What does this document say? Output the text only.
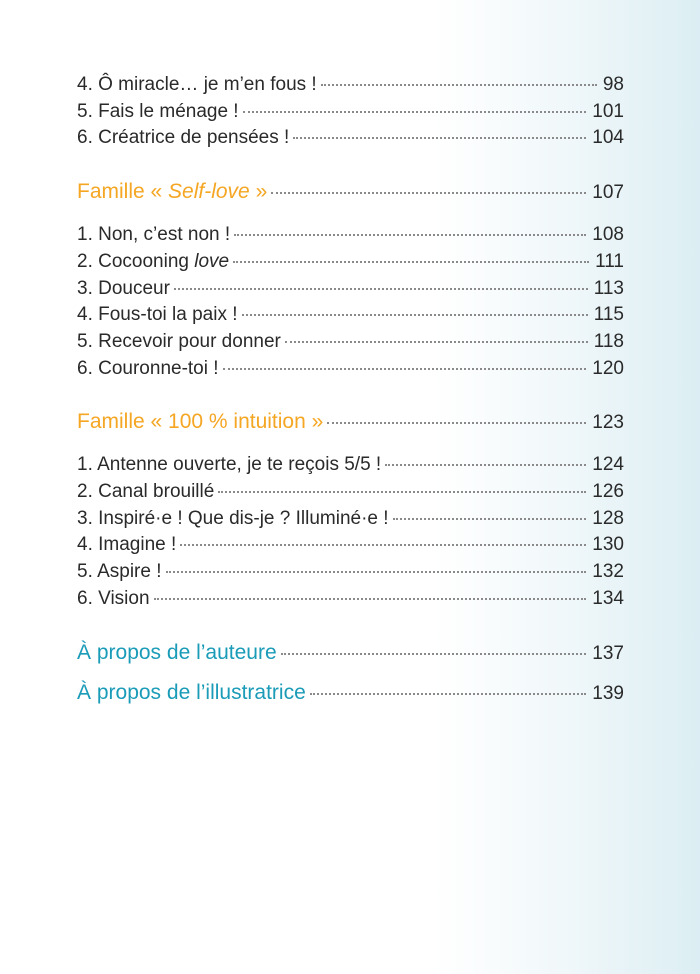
4. Ô miracle… je m’en fous !	98
5. Fais le ménage !	101
6. Créatrice de pensées !	104
Famille « Self-love »	107
1. Non, c’est non !	108
2. Cocooning love	111
3. Douceur	113
4. Fous-toi la paix !	115
5. Recevoir pour donner	118
6. Couronne-toi !	120
Famille « 100 % intuition »	123
1. Antenne ouverte, je te reçois 5/5 !	124
2. Canal brouillé	126
3. Inspiré·e ! Que dis-je ? Illuminé·e !	128
4. Imagine !	130
5. Aspire !	132
6. Vision	134
À propos de l’auteure	137
À propos de l’illustratrice	139
